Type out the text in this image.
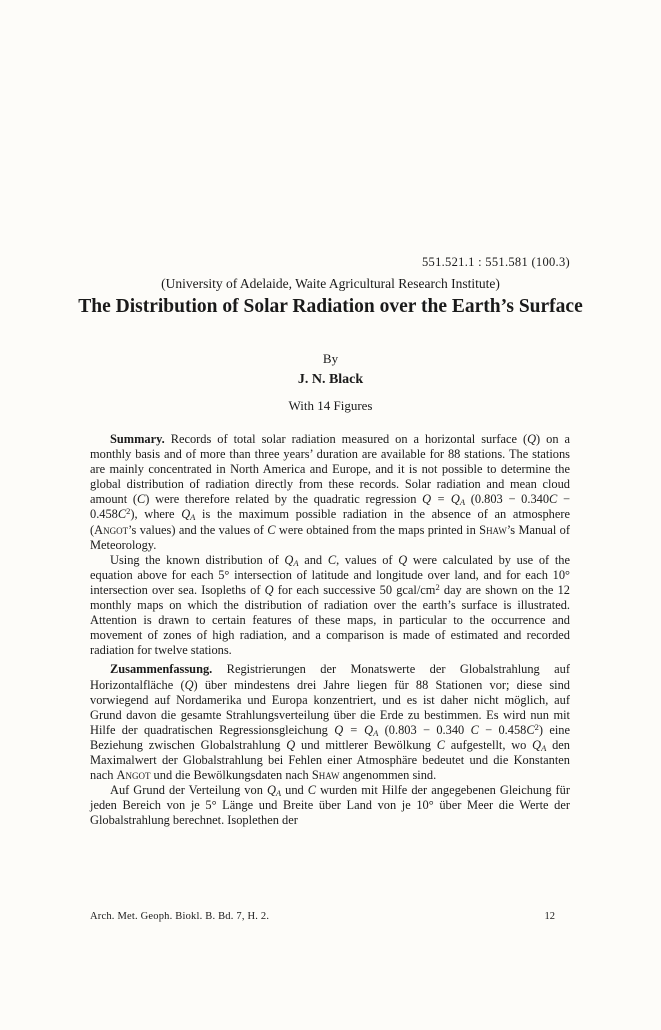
551.521.1 : 551.581 (100.3)
(University of Adelaide, Waite Agricultural Research Institute)
The Distribution of Solar Radiation over the Earth’s Surface
By
J. N. Black
With 14 Figures

Summary. Records of total solar radiation measured on a horizontal surface (Q) on a monthly basis and of more than three years’ duration are available for 88 stations. The stations are mainly concentrated in North America and Europe, and it is not possible to determine the global distribution of radiation directly from these records. Solar radiation and mean cloud amount (C) were therefore related by the quadratic regression $Q = Q_A$ $(0.803 - 0.340C - 0.458C^2)$, where $Q_A$ is the maximum possible radiation in the absence of an atmosphere (Angot’s values) and the values of C were obtained from the maps printed in Shaw’s Manual of Meteorology.

Using the known distribution of $Q_A$ and C, values of Q were calculated by use of the equation above for each 5° intersection of latitude and longitude over land, and for each 10° intersection over sea. Isopleths of Q for each successive 50 gcal/$cm^2$ day are shown on the 12 monthly maps on which the distribution of radiation over the earth’s surface is illustrated. Attention is drawn to certain features of these maps, in particular to the occurrence and movement of zones of high radiation, and a comparison is made of estimated and recorded radiation for twelve stations.

Zusammenfassung. Registrierungen der Monatswerte der Globalstrahlung auf Horizontalfläche (Q) über mindestens drei Jahre liegen für 88 Stationen vor; diese sind vorwiegend auf Nordamerika und Europa konzentriert, und es ist daher nicht möglich, auf Grund davon die gesamte Strahlungsverteilung über die Erde zu bestimmen. Es wird nun mit Hilfe der quadratischen Regressionsgleichung $Q = Q_A$ (0.803 − 0.340 $C - 0.458C^2$) eine Beziehung zwischen Globalstrahlung Q und mittlerer Bewölkung C aufgestellt, wo $Q_A$ den Maximalwert der Globalstrahlung bei Fehlen einer Atmosphäre bedeutet und die Konstanten nach Angot und die Bewölkungsdaten nach Shaw angenommen sind.

Auf Grund der Verteilung von $Q_A$ und C wurden mit Hilfe der angegebenen Gleichung für jeden Bereich von je 5° Länge und Breite über Land von je 10° über Meer die Werte der Globalstrahlung berechnet. Isoplethen der

Arch. Met. Geoph. Biokl. B. Bd. 7, H. 2.	12
